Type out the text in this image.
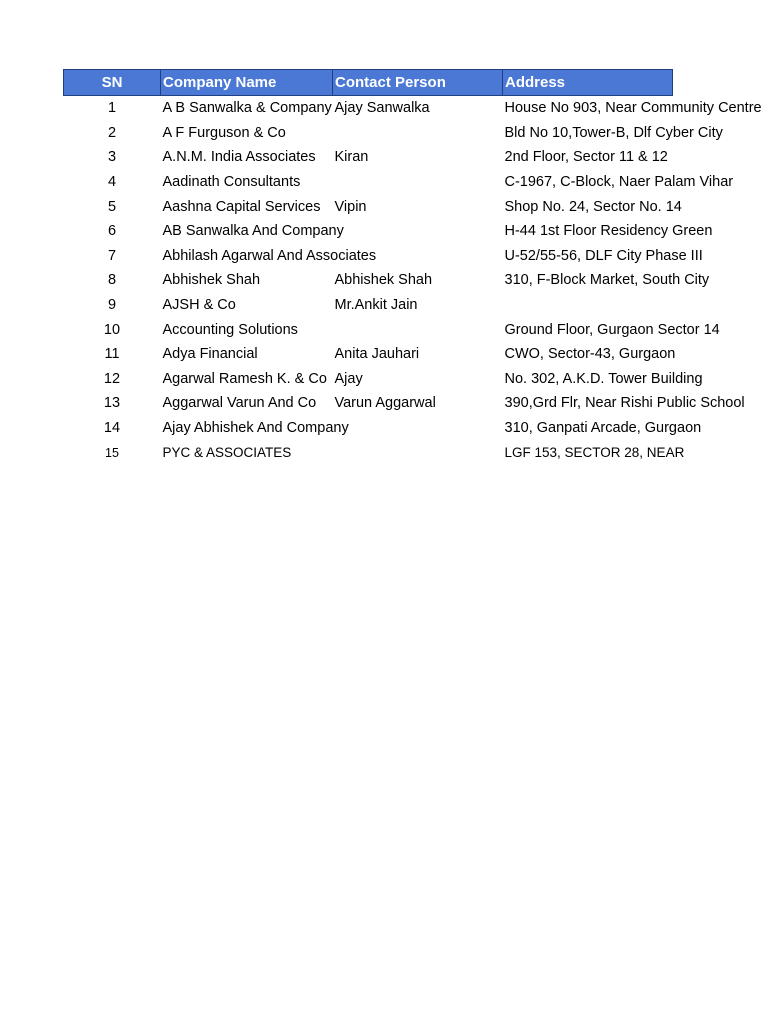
SN	Company Name	Contact Person	Address

1	A B Sanwalka & Company	Ajay Sanwalka	House No 903, Near Community Centre

2	A F Furguson & Co		Bld No 10,Tower-B, Dlf Cyber City

3	A.N.M. India Associates	Kiran	2nd Floor, Sector 11 & 12

4	Aadinath Consultants		C-1967, C-Block, Naer Palam Vihar

5	Aashna Capital Services	Vipin	Shop No. 24, Sector No. 14

6	AB Sanwalka And Company		H-44 1st Floor Residency Green

7	Abhilash Agarwal And Associates		U-52/55-56, DLF City Phase III

8	Abhishek Shah	Abhishek Shah	310, F-Block Market, South City

9	AJSH & Co	Mr.Ankit Jain	

10	Accounting Solutions		Ground Floor, Gurgaon Sector 14

11	Adya Financial	Anita Jauhari	CWO, Sector-43, Gurgaon

12	Agarwal Ramesh K. & Co	Ajay	No. 302, A.K.D. Tower Building

13	Aggarwal Varun And Co	Varun Aggarwal	390,Grd Flr, Near Rishi Public School

14	Ajay Abhishek And Company		310, Ganpati Arcade, Gurgaon

15	PYC & ASSOCIATES		LGF 153, SECTOR 28, NEAR
